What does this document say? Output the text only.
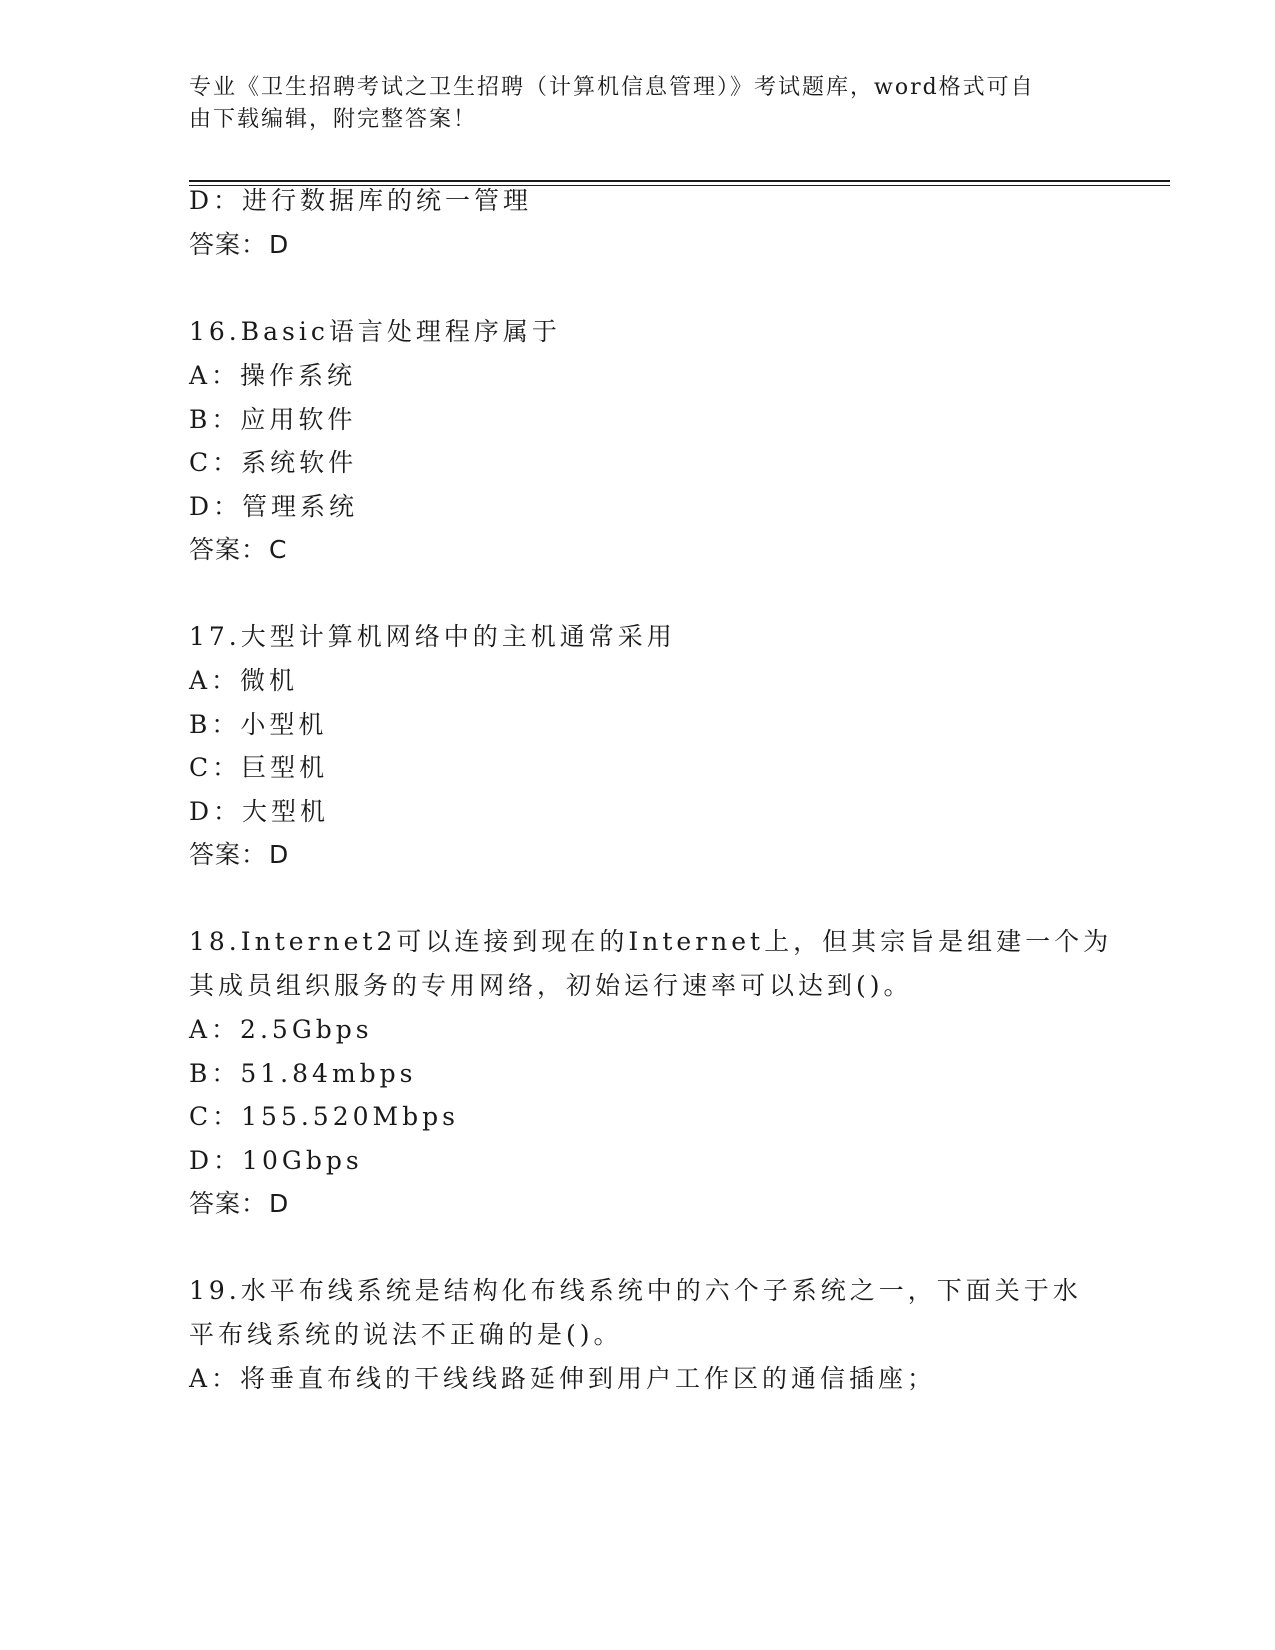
专业《卫生招聘考试之卫生招聘（计算机信息管理）》考试题库，word格式可自
由下载编辑，附完整答案！
D：进行数据库的统一管理
答案：D
16.Basic语言处理程序属于
A：操作系统
B：应用软件
C：系统软件
D：管理系统
答案：C
17.大型计算机网络中的主机通常采用
A：微机
B：小型机
C：巨型机
D：大型机
答案：D
18.Internet2可以连接到现在的Internet上，但其宗旨是组建一个为
其成员组织服务的专用网络，初始运行速率可以达到()。
A：2.5Gbps
B：51.84mbps
C：155.520Mbps
D：10Gbps
答案：D
19.水平布线系统是结构化布线系统中的六个子系统之一，下面关于水
平布线系统的说法不正确的是()。
A：将垂直布线的干线线路延伸到用户工作区的通信插座；
